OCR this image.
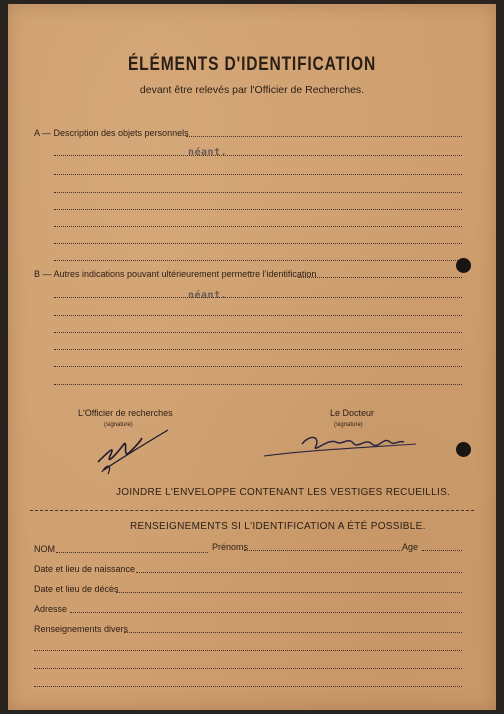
ÉLÉMENTS D'IDENTIFICATION
devant être relevés par l'Officier de Recherches.
A — Description des objets personnels
néant.
B — Autres indications pouvant ultérieurement permettre l'identification
néant.
L'Officier de recherches
(signature)
Le Docteur
(signature)
JOINDRE L'ENVELOPPE CONTENANT LES VESTIGES RECUEILLIS.
RENSEIGNEMENTS SI L'IDENTIFICATION A ÉTÉ POSSIBLE.
NOM	Prénoms	Age
Date et lieu de naissance
Date et lieu de décès
Adresse
Renseignements divers
